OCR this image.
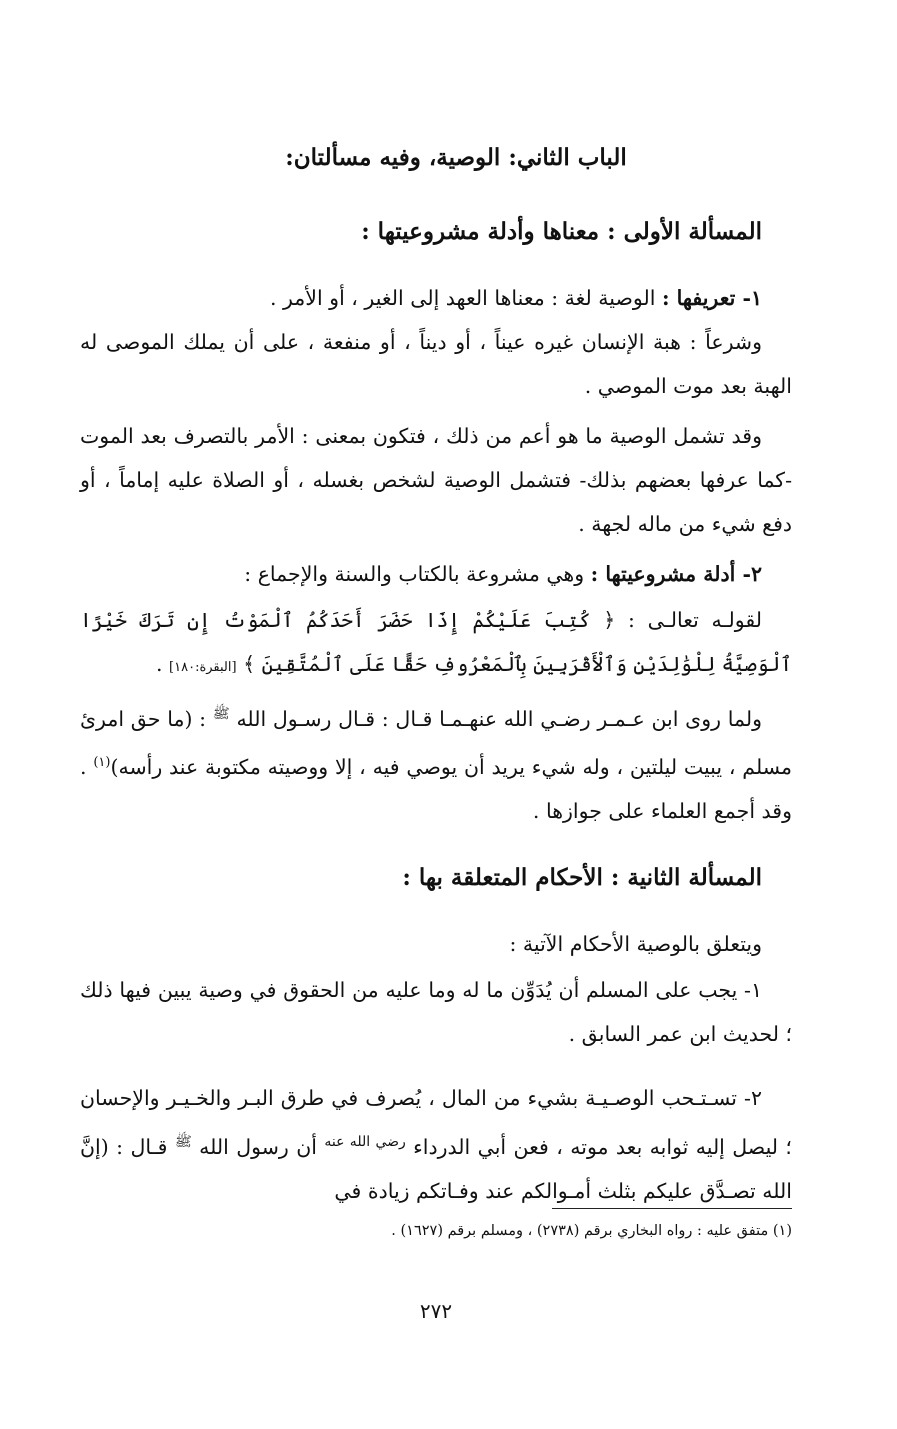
الباب الثاني: الوصية، وفيه مسألتان:
المسألة الأولى : معناها وأدلة مشروعيتها :
١- تعريفها : الوصية لغة : معناها العهد إلى الغير ، أو الأمر .
وشرعاً : هبة الإنسان غيره عيناً ، أو ديناً ، أو منفعة ، على أن يملك الموصى له الهبة بعد موت الموصي .
وقد تشمل الوصية ما هو أعم من ذلك ، فتكون بمعنى : الأمر بالتصرف بعد الموت -كما عرفها بعضهم بذلك- فتشمل الوصية لشخص بغسله ، أو الصلاة عليه إماماً ، أو دفع شيء من ماله لجهة .
٢- أدلة مشروعيتها : وهي مشروعة بالكتاب والسنة والإجماع :
لقولـه تعالـى : ﴿ كُتِبَ عَلَيْكُمْ إِذَا حَضَرَ أَحَدَكُمُ ٱلْمَوْتُ إِن تَرَكَ خَيْرًا ٱلْوَصِيَّةُ لِلْوَٰلِدَيْنِ وَٱلْأَقْرَبِينَ بِٱلْمَعْرُوفِ حَقًّا عَلَى ٱلْمُتَّقِينَ ﴾ [البقرة:١٨٠] .
ولما روى ابن عـمـر رضـي الله عنهـمـا قـال : قـال رسـول الله $^ﷺ$ : (ما حق امرئ مسلم ، يبيت ليلتين ، وله شيء يريد أن يوصي فيه ، إلا ووصيته مكتوبة عند رأسه)$^{(١)}$ . وقد أجمع العلماء على جوازها .
المسألة الثانية : الأحكام المتعلقة بها :
ويتعلق بالوصية الأحكام الآتية :
١- يجب على المسلم أن يُدَوِّن ما له وما عليه من الحقوق في وصية يبين فيها ذلك ؛ لحديث ابن عمر السابق .
٢- تسـتـحب الوصـيـة بشيء من المال ، يُصرف في طرق البـر والخـيـر والإحسان ؛ ليصل إليه ثوابه بعد موته ، فعن أبي الدرداء $^{رضي الله عنه}$ أن رسول الله $^ﷺ$ قـال : (إنَّ الله تصـدَّق عليكم بثلث أمـوالكم عند وفـاتكم زيادة في
(١) متفق عليه : رواه البخاري برقم (٢٧٣٨) ، ومسلم برقم (١٦٢٧) .
٢٧٢
